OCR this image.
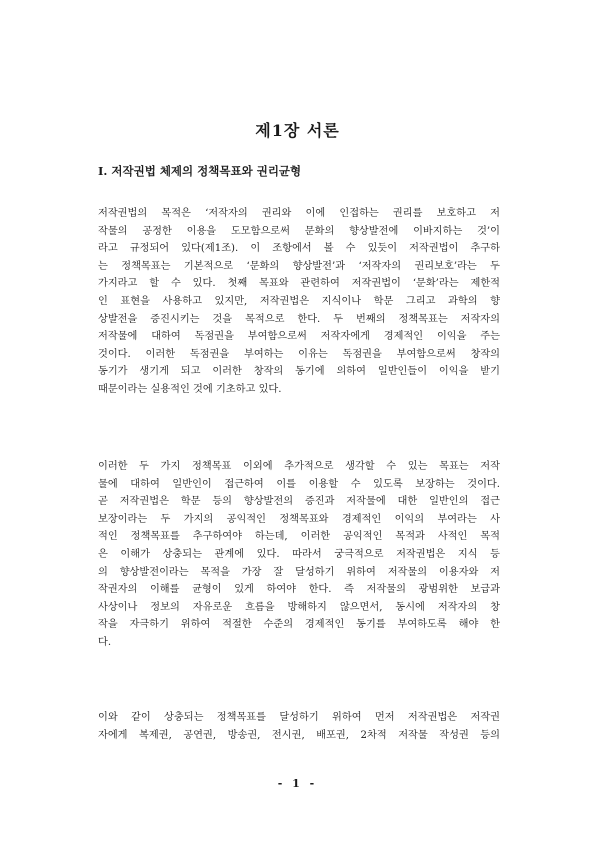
제1장 서론
I. 저작권법 체제의 정책목표와 권리균형
저작권법의 목적은 ‘저작자의 권리와 이에 인접하는 권리를 보호하고 저
작물의 공정한 이용을 도모함으로써 문화의 향상발전에 이바지하는 것’이
라고 규정되어 있다(제1조). 이 조항에서 볼 수 있듯이 저작권법이 추구하
는 정책목표는 기본적으로 ‘문화의 향상발전’과 ‘저작자의 권리보호’라는 두
가지라고 할 수 있다. 첫째 목표와 관련하여 저작권법이 ‘문화’라는 제한적
인 표현을 사용하고 있지만, 저작권법은 지식이나 학문 그리고 과학의 향
상발전을 증진시키는 것을 목적으로 한다. 두 번째의 정책목표는 저작자의
저작물에 대하여 독점권을 부여함으로써 저작자에게 경제적인 이익을 주는
것이다. 이러한 독점권을 부여하는 이유는 독점권을 부여함으로써 창작의
동기가 생기게 되고 이러한 창작의 동기에 의하여 일반인들이 이익을 받기
때문이라는 실용적인 것에 기초하고 있다.
이러한 두 가지 정책목표 이외에 추가적으로 생각할 수 있는 목표는 저작
물에 대하여 일반인이 접근하여 이를 이용할 수 있도록 보장하는 것이다.
곧 저작권법은 학문 등의 향상발전의 증진과 저작물에 대한 일반인의 접근
보장이라는 두 가지의 공익적인 정책목표와 경제적인 이익의 부여라는 사
적인 정책목표를 추구하여야 하는데, 이러한 공익적인 목적과 사적인 목적
은 이해가 상충되는 관계에 있다. 따라서 궁극적으로 저작권법은 지식 등
의 향상발전이라는 목적을 가장 잘 달성하기 위하여 저작물의 이용자와 저
작권자의 이해를 균형이 있게 하여야 한다. 즉 저작물의 광범위한 보급과
사상이나 정보의 자유로운 흐름을 방해하지 않으면서, 동시에 저작자의 창
작을 자극하기 위하여 적절한 수준의 경제적인 동기를 부여하도록 해야 한
다.
이와 같이 상충되는 정책목표를 달성하기 위하여 먼저 저작권법은 저작권
자에게 복제권, 공연권, 방송권, 전시권, 배포권, 2차적 저작물 작성권 등의
- 1 -
